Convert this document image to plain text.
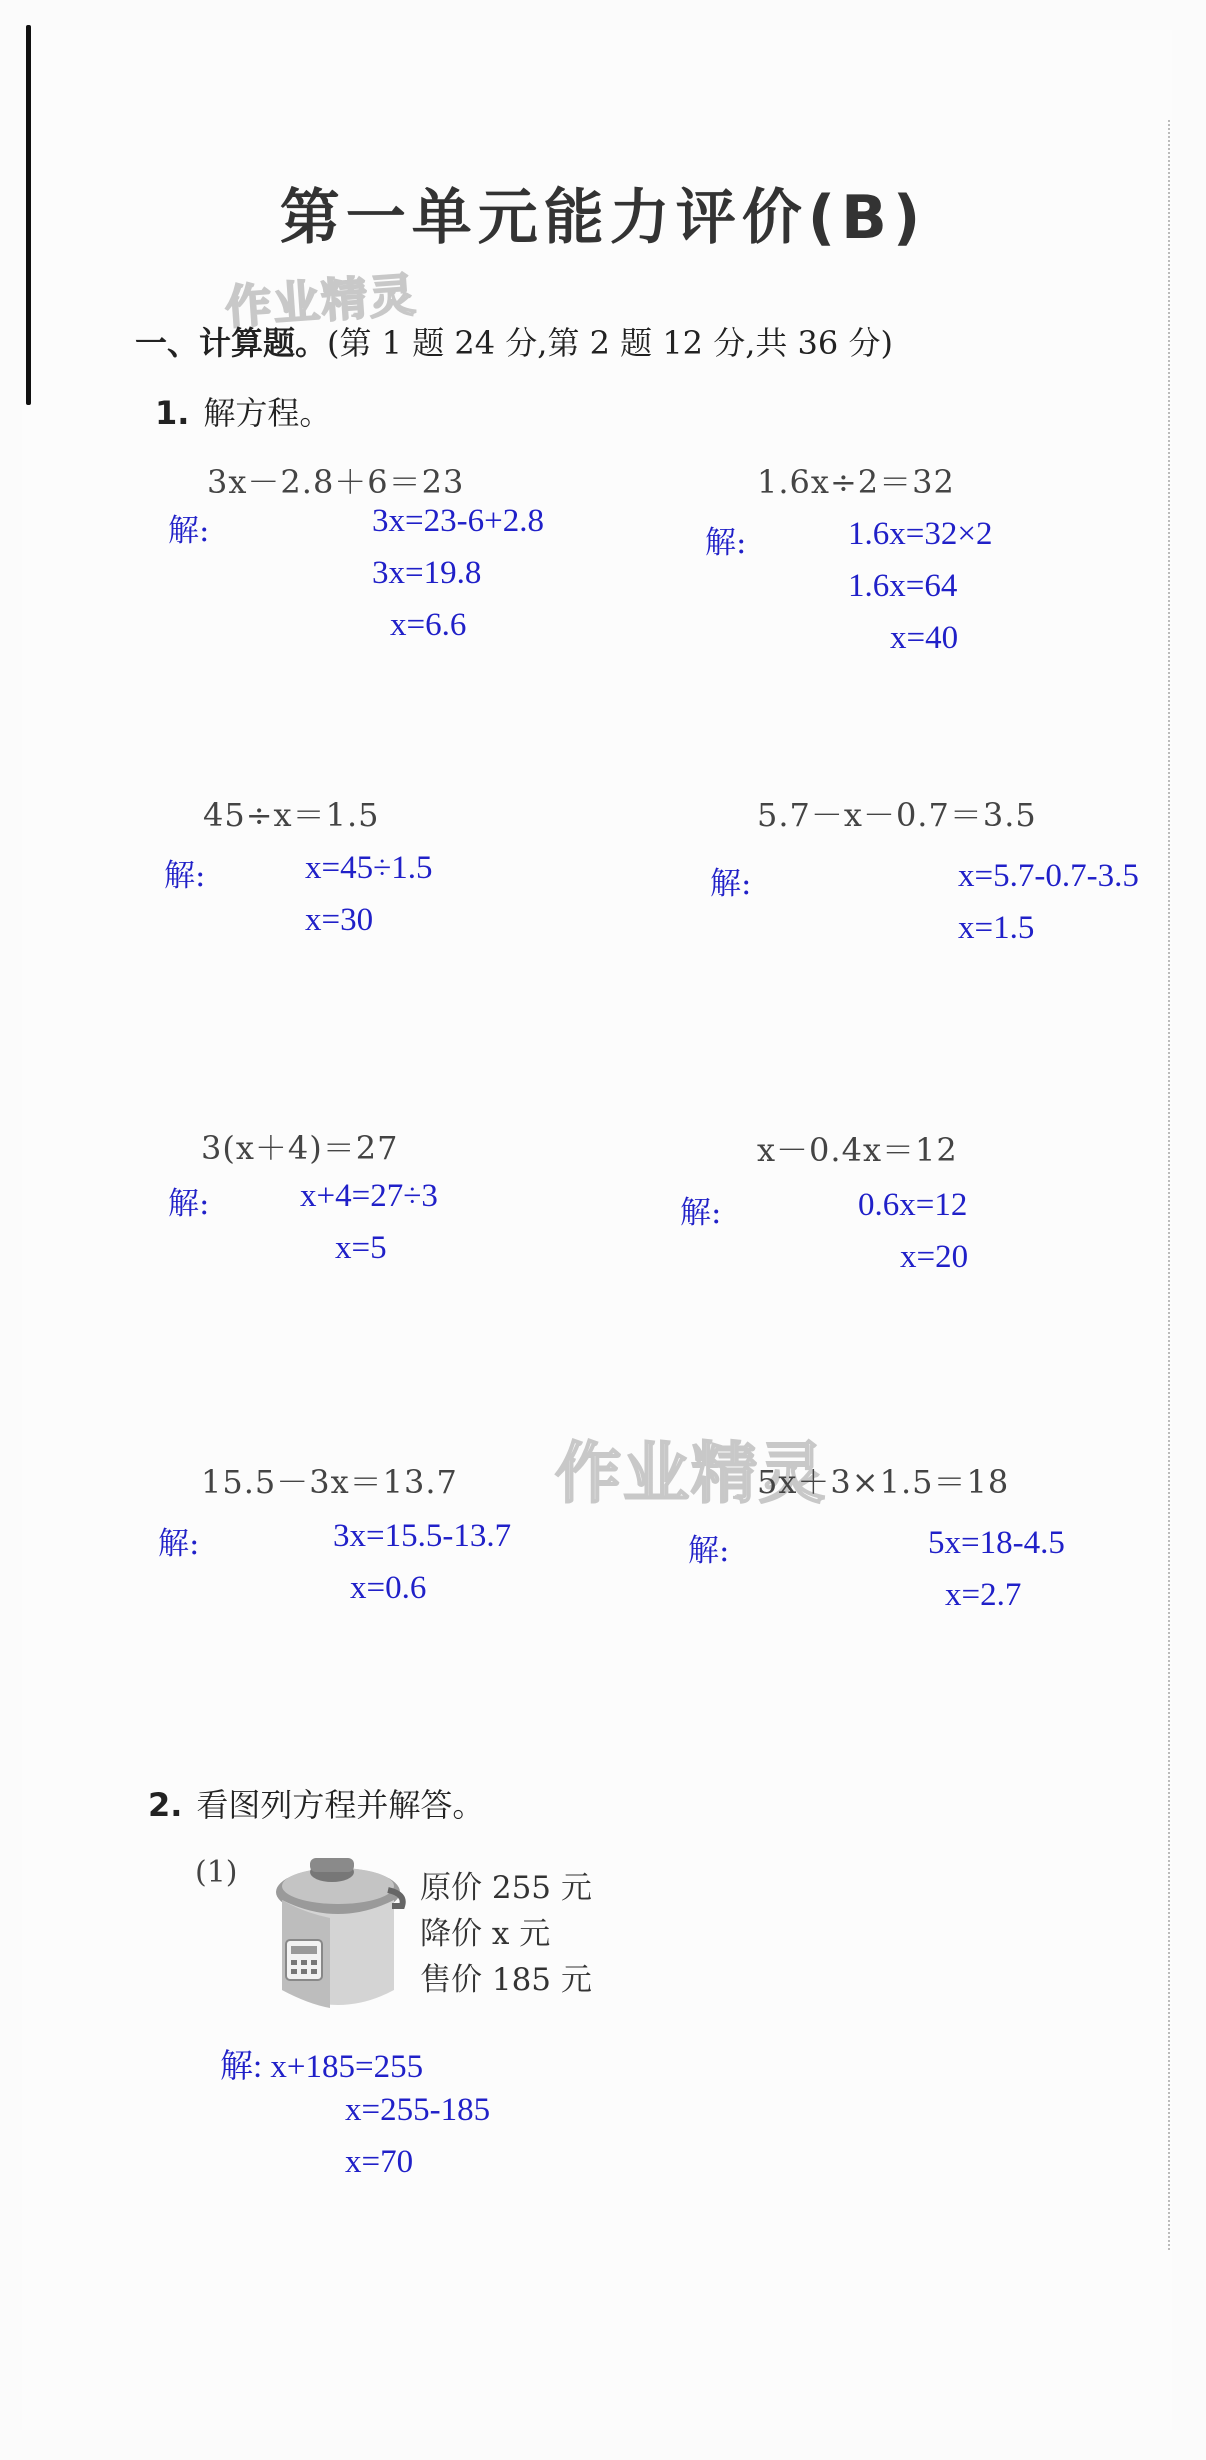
第一单元能力评价(B)
作业精灵
作业精灵
一、计算题。(第 1 题 24 分,第 2 题 12 分,共 36 分)
1. 解方程。
3x－2.8＋6＝23
解:	3x=23-6+2.8
3x=19.8
x=6.6
1.6x÷2＝32
解:	1.6x=32×2
1.6x=64
x=40
45÷x＝1.5
解:	x=45÷1.5
x=30
5.7－x－0.7＝3.5
解:	x=5.7-0.7-3.5
x=1.5
3(x＋4)＝27
解:	x+4=27÷3
x=5
x－0.4x＝12
解:	0.6x=12
x=20
15.5－3x＝13.7
解:	3x=15.5-13.7
x=0.6
5x＋3×1.5＝18
解:	5x=18-4.5
x=2.7
2. 看图列方程并解答。
(1)	原价 255 元
降价 x 元
售价 185 元
解: x+185=255
x=255-185
x=70
